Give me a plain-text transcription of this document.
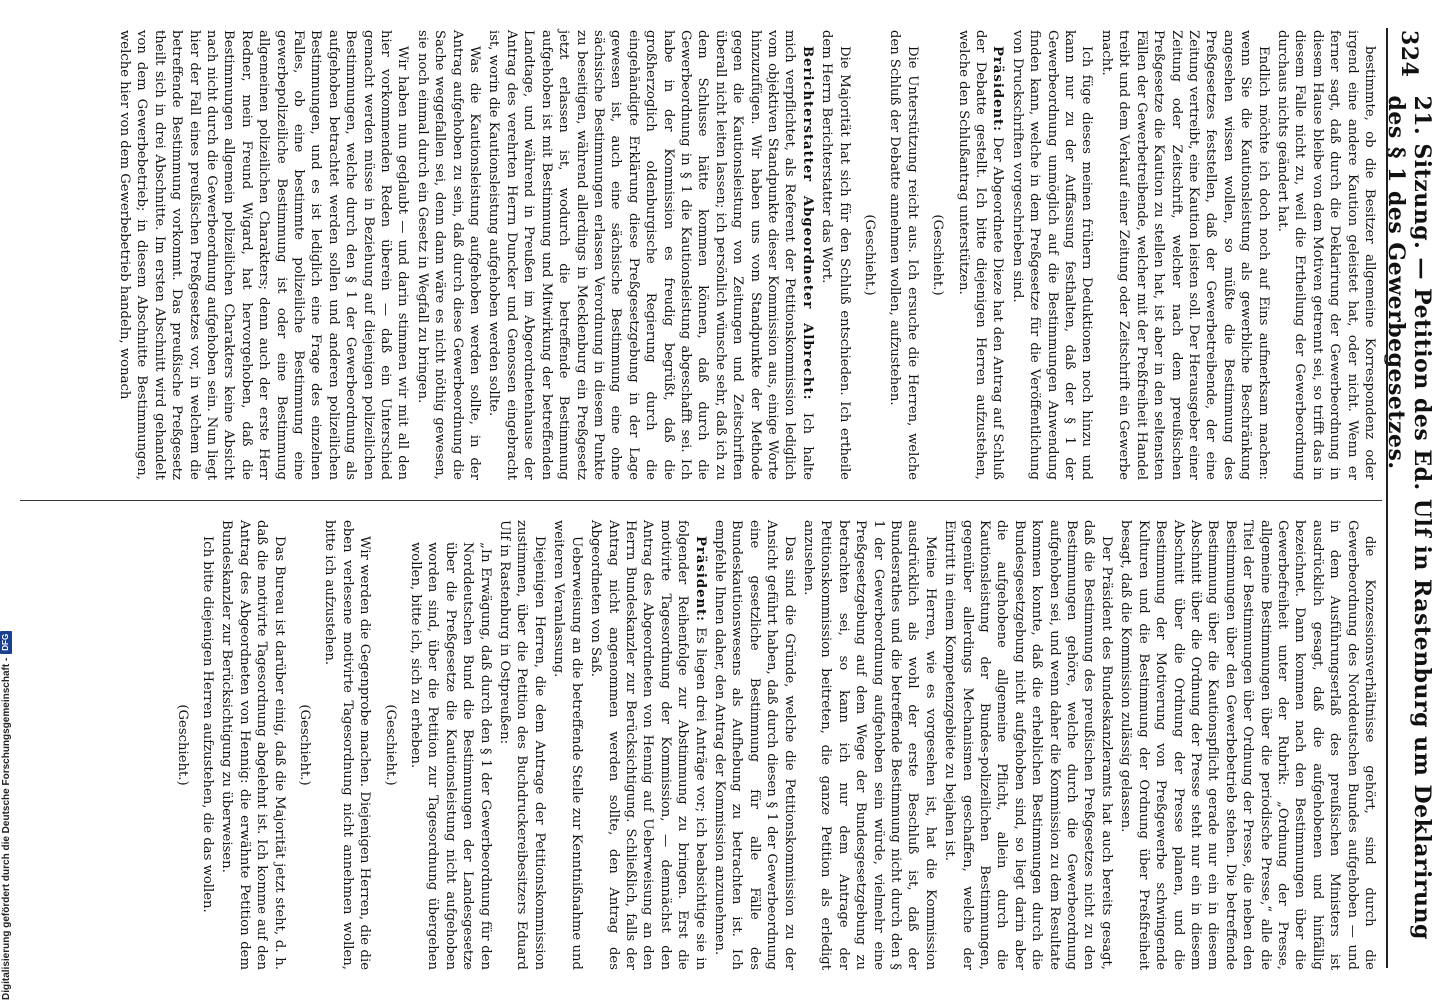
324
21. Sitzung. — Petition des Ed. Ulf in Rastenburg um Deklarirung des § 1 des Gewerbegesetzes.

bestimmte, ob die Besitzer allgemeine Korrespondenz oder irgend eine andere Kaution geleistet hat, oder nicht. Wenn er ferner sagt, daß durch die Deklarirung der Gewerbeordnung in diesem Hause bleibe von dem Motiven getrennt sei, so trifft das in diesem Falle nicht zu, weil die Ertheilung der Gewerbeordnung durchaus nichts geändert hat.

Endlich möchte ich doch noch auf Eins aufmerksam machen: wenn Sie die Kautionsleistung als gewerbliche Beschränkung angesehen wissen wollen, so müßte die Bestimmung des Preßgesetzes feststellen, daß der Gewerbetreibende, der eine Zeitung vertreibt, eine Kaution leisten soll. Der Herausgeber einer Zeitung oder Zeitschrift, welcher nach dem preußischen Preßgesetze die Kaution zu stellen hat, ist aber in den seltensten Fällen der Gewerbetreibende, welcher mit der Preßfreiheit Handel treibt und dem Verkauf einer Zeitung oder Zeitschrift ein Gewerbe macht.

Ich füge dieses meinen frühern Deduktionen noch hinzu und kann nur zu der Auffassung festhalten, daß der § 1 der Gewerbeordnung unmöglich auf die Bestimmungen Anwendung finden kann, welche in dem Preßgesetze für die Veröffentlichung von Druckschriften vorgeschrieben sind.

Präsident: Der Abgeordnete Dieze hat den Antrag auf Schluß der Debatte gestellt. Ich bitte diejenigen Herren aufzustehen, welche den Schlußantrag unterstützen.

(Geschieht.)

Die Unterstützung reicht aus. Ich ersuche die Herren, welche den Schluß der Debatte annehmen wollen, aufzustehen.

(Geschieht.)

Die Majorität hat sich für den Schluß entschieden. Ich ertheile dem Herrn Berichterstatter das Wort.

Berichterstatter Abgeordneter Albrecht: Ich halte mich verpflichtet, als Referent der Petitionskommission lediglich vom objektiven Standpunkte dieser Kommission aus, einige Worte hinzuzufügen. Wir haben uns vom Standpunkte der Methode gegen die Kautionsleistung von Zeitungen und Zeitschriften überall nicht leiten lassen; ich persönlich wünsche sehr, daß ich zu dem Schlusse hätte kommen können, daß durch die Gewerbeordnung in § 1 die Kautionsleistung abgeschafft sei. Ich habe in der Kommission es freudig begrüßt, daß die großherzoglich oldenburgische Regierung durch die eingehändigte Erklärung diese Preßgesetzgebung in der Lage gewesen ist, auch eine sächsische Bestimmung eine ohne sächsische Bestimmungen erlassen Verordnung in diesem Punkte zu beseitigen, während allerdings in Mecklenburg ein Preßgesetz jetzt erlassen ist, wodurch die betreffende Bestimmung aufgehoben ist mit Bestimmung und Mitwirkung der betreffenden Landtage, und während in Preußen im Abgeordnetenhause der Antrag des verehrten Herrn Duncker und Genossen eingebracht ist, worin die Kautionsleistung aufgehoben werden sollte.

Was die Kautionsleistung aufgehoben werden sollte, in der Antrag aufgehoben zu sein, daß durch diese Gewerbeordnung die Sache weggefallen sei, denn dann wäre es nicht nöthig gewesen, sie noch einmal durch ein Gesetz in Wegfall zu bringen.

Wir haben nun geglaubt — und darin stimmen wir mit all den hier vorkommenden Reden überein — daß ein Unterschied gemacht werden müsse in Beziehung auf diejenigen polizeilichen Bestimmungen, welche durch den § 1 der Gewerbeordnung als aufgehoben betrachtet werden sollen und anderen polizeilichen Bestimmungen, und es ist lediglich eine Frage des einzelnen Falles, ob eine bestimmte polizeiliche Bestimmung eine gewerbepolizeiliche Bestimmung ist oder eine Bestimmung allgemeinen polizeilichen Charakters; denn auch der erste Herr Redner, mein Freund Wigard, hat hervorgehoben, daß die Bestimmungen allgemein polizeilichen Charakters keine Absicht nach nicht durch die Gewerbeordnung aufgehoben sein. Nun liegt hier der Fall eines preußischen Preßgesetzes vor, in welchem die betreffende Bestimmung vorkommt. Das preußische Preßgesetz theilt sich in drei Abschnitte. Im ersten Abschnitt wird gehandelt von dem Gewerbebetrieb; in diesem Abschnitte Bestimmungen, welche hier von dem Gewerbebetrieb handeln, wonach

die Konzessionsverhältnisse gehört, sind durch die Gewerbeordnung des Norddeutschen Bundes aufgehoben — und in dem Ausführungserlaß des preußischen Ministers ist ausdrücklich gesagt, daß die aufgehobenen und hinfällig bezeichnet. Dann kommen nach den Bestimmungen über die Gewerbefreiheit unter der Rubrik: „Ordnung der Presse, allgemeine Bestimmungen über die periodische Presse,“ alle die Titel der Bestimmungen über Ordnung der Presse, die neben den Bestimmungen über den Gewerbebetrieb stehen. Die betreffende Bestimmung über die Kautionspflicht gerade nur ein in diesem Abschnitt über die Ordnung der Presse steht nur ein in diesem Abschnitt über die Ordnung der Presse planen, und die Bestimmung der Motiverung von Preßgewerbe schwingende Kulturen und die Bestimmung der Ordnung über Preßfreiheit besagt, daß die Kommission zulässig gelassen.

Der Präsident des Bundeskanzleramts hat auch bereits gesagt, daß die Bestimmung des preußischen Preßgesetzes nicht zu den Bestimmungen gehöre, welche durch die Gewerbeordnung aufgehoben sei, und wenn daher die Kommission zu dem Resultate kommen konnte, daß die erheblichen Bestimmungen durch die Bundesgesetzgebung nicht aufgehoben sind, so liegt darin aber die aufgehobene allgemeine Pflicht, allein durch die Kautionsleistung der Bundes-polizeilichen Bestimmungen, gegenüber allerdings Mechanismen geschaffen, welche der Eintritt in einem Kompetenzgebiete zu bejahen ist.

Meine Herren, wie es vorgesehen ist, hat die Kommission ausdrücklich als wohl der erste Beschluß ist, daß der Bundesrathes und die betreffende Bestimmung nicht durch den § 1 der Gewerbeordnung aufgehoben sein würde, vielmehr eine Preßgesetzgebung auf dem Wege der Bundesgesetzgebung zu betrachten sei, so kann ich nur dem Antrage der Petitionskommission beitreten, die ganze Petition als erledigt anzusehen.

Das sind die Gründe, welche die Petitionskommission zu der Ansicht geführt haben, daß durch diesen § 1 der Gewerbeordnung eine gesetzliche Bestimmung für alle Fälle des Bundeskautionswesens als Aufhebung zu betrachten ist. Ich empfehle Ihnen daher, den Antrag der Kommission anzunehmen.

Präsident: Es liegen drei Anträge vor; ich beabsichtige sie in folgender Reihenfolge zur Abstimmung zu bringen. Erst die motivirte Tagesordnung der Kommission, — demnächst den Antrag des Abgeordneten von Hennig auf Ueberweisung an den Herrn Bundeskanzler zur Berücksichtigung. Schließlich, falls der Antrag nicht angenommen werden sollte, den Antrag des Abgeordneten von Saß.

Ueberweisung an die betreffende Stelle zur Kenntnißnahme und weiteren Veranlassung.

Diejenigen Herren, die dem Antrage der Petitionskommission zustimmen, über die Petition des Buchdruckereibesitzers Eduard Ulf in Rastenburg in Ostpreußen:

„In Erwägung, daß durch den § 1 der Gewerbeordnung für den Norddeutschen Bund die Bestimmungen der Landesgesetze über die Preßgesetze die Kautionsleistung nicht aufgehoben worden sind, über die Petition zur Tagesordnung übergehen wollen, bitte ich, sich zu erheben.

(Geschieht.)

Wir werden die Gegenprobe machen. Diejenigen Herren, die die eben verlesene motivirte Tagesordnung nicht annehmen wollen, bitte ich aufzustehen.

(Geschieht.)

Das Bureau ist darüber einig, daß die Majorität jetzt steht, d. h. daß die motivirte Tagesordnung abgelehnt ist. Ich komme auf den Antrag des Abgeordneten von Hennig: die erwähnte Petition dem Bundeskanzler zur Berücksichtigung zu überweisen.

Ich bitte diejenigen Herren aufzustehen, die das wollen.

(Geschieht.)

Digitalisierung gefördert durch die Deutsche Forschungsgemeinschaft -
DFG
